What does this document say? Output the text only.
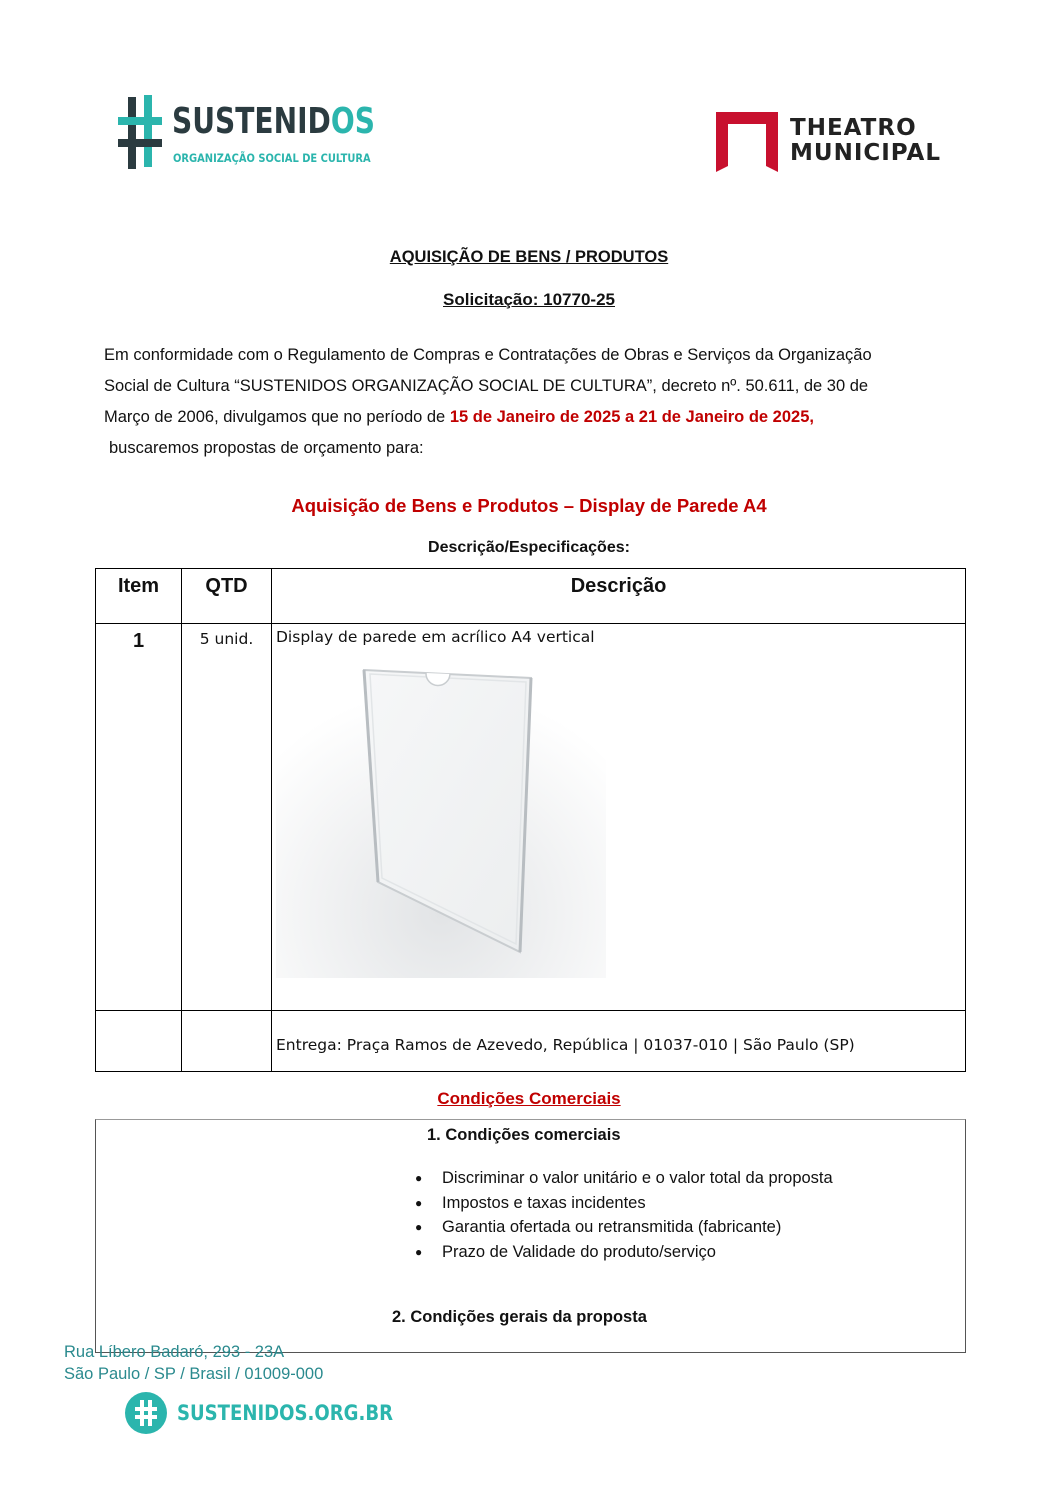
SUSTENIDOS
ORGANIZAÇÃO SOCIAL DE CULTURA
THEATRO
MUNICIPAL
AQUISIÇÃO DE BENS / PRODUTOS
Solicitação: 10770-25
Em conformidade com o Regulamento de Compras e Contratações de Obras e Serviços da Organização
Social de Cultura “SUSTENIDOS ORGANIZAÇÃO SOCIAL DE CULTURA”, decreto nº. 50.611, de 30 de
Março de 2006, divulgamos que no período de 15 de Janeiro de 2025 a 21 de Janeiro de 2025,
buscaremos propostas de orçamento para:
Aquisição de Bens e Produtos – Display de Parede A4
Descrição/Especificações:
Item	QTD	Descrição
1	5 unid.	Display de parede em acrílico A4 vertical

		Entrega: Praça Ramos de Azevedo, República | 01037-010 | São Paulo (SP)
Condições Comerciais
1. Condições comerciais
● Discriminar o valor unitário e o valor total da proposta
● Impostos e taxas incidentes
● Garantia ofertada ou retransmitida (fabricante)
● Prazo de Validade do produto/serviço
2. Condições gerais da proposta
Rua Líbero Badaró, 293 - 23A
São Paulo / SP / Brasil / 01009-000
SUSTENIDOS.ORG.BR
